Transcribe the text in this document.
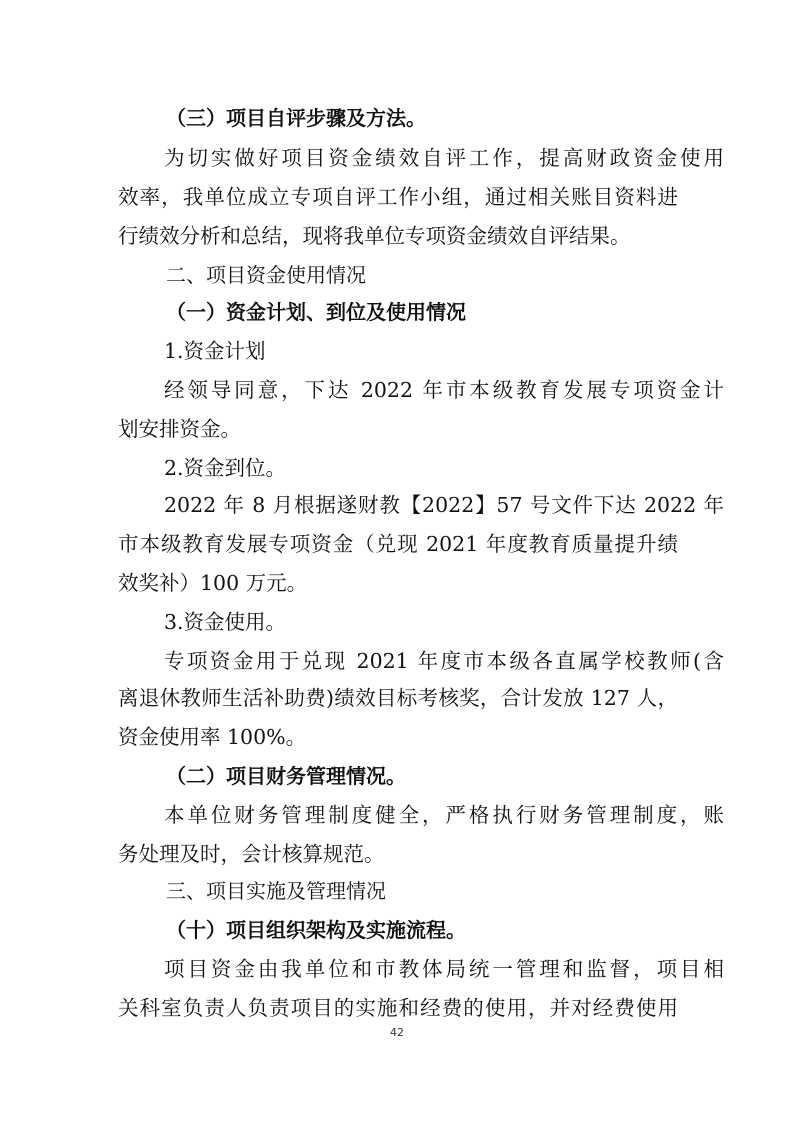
（三）项目自评步骤及方法。
为切实做好项目资金绩效自评工作，提高财政资金使用
效率，我单位成立专项自评工作小组，通过相关账目资料进
行绩效分析和总结，现将我单位专项资金绩效自评结果。
二、项目资金使用情况
（一）资金计划、到位及使用情况
1.资金计划
经领导同意，下达 2022 年市本级教育发展专项资金计
划安排资金。
2.资金到位。
2022 年 8 月根据遂财教【2022】57 号文件下达 2022 年
市本级教育发展专项资金（兑现 2021 年度教育质量提升绩
效奖补）100 万元。
3.资金使用。
专项资金用于兑现 2021 年度市本级各直属学校教师(含
离退休教师生活补助费)绩效目标考核奖，合计发放 127 人，
资金使用率 100%。
（二）项目财务管理情况。
本单位财务管理制度健全，严格执行财务管理制度，账
务处理及时，会计核算规范。
三、项目实施及管理情况
（十）项目组织架构及实施流程。
项目资金由我单位和市教体局统一管理和监督，项目相
关科室负责人负责项目的实施和经费的使用，并对经费使用
42
